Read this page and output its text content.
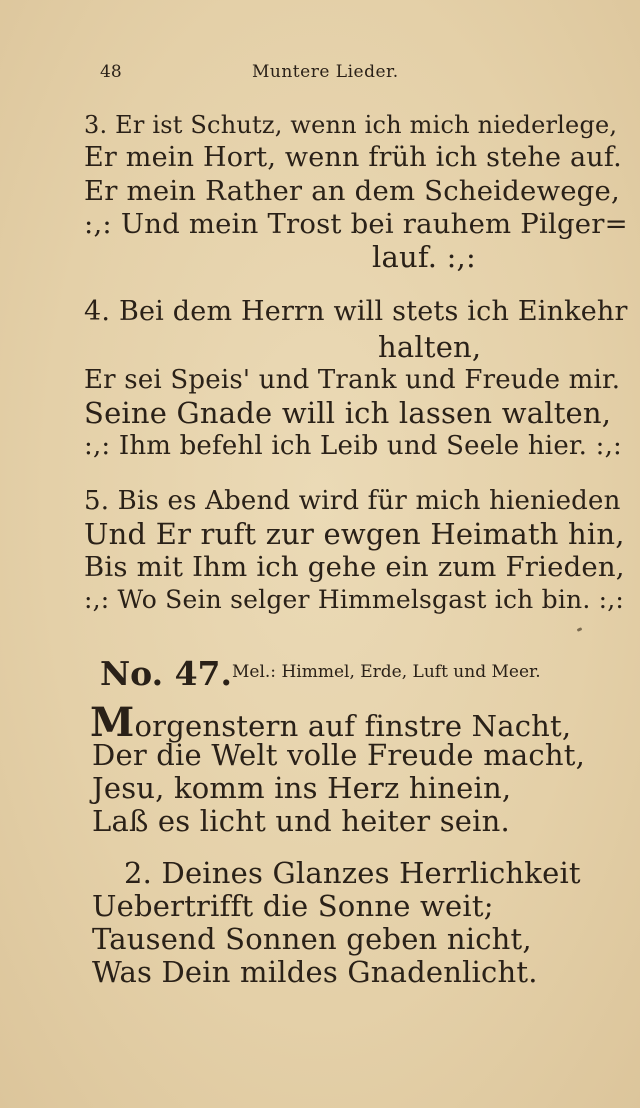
48	Muntere Lieder.
3. Er ist Schutz, wenn ich mich niederlege,
Er mein Hort, wenn früh ich stehe auf.
Er mein Rather an dem Scheidewege,
:,: Und mein Trost bei rauhem Pilger=
lauf. :,:
4. Bei dem Herrn will stets ich Einkehr
halten,
Er sei Speis' und Trank und Freude mir.
Seine Gnade will ich lassen walten,
:,: Ihm befehl ich Leib und Seele hier. :,:
5. Bis es Abend wird für mich hienieden
Und Er ruft zur ewgen Heimath hin,
Bis mit Ihm ich gehe ein zum Frieden,
:,: Wo Sein selger Himmelsgast ich bin. :,:
No. 47. Mel.: Himmel, Erde, Luft und Meer.
Morgenstern auf finstre Nacht,
Der die Welt volle Freude macht,
Jesu, komm ins Herz hinein,
Laß es licht und heiter sein.
2. Deines Glanzes Herrlichkeit
Uebertrifft die Sonne weit;
Tausend Sonnen geben nicht,
Was Dein mildes Gnadenlicht.
